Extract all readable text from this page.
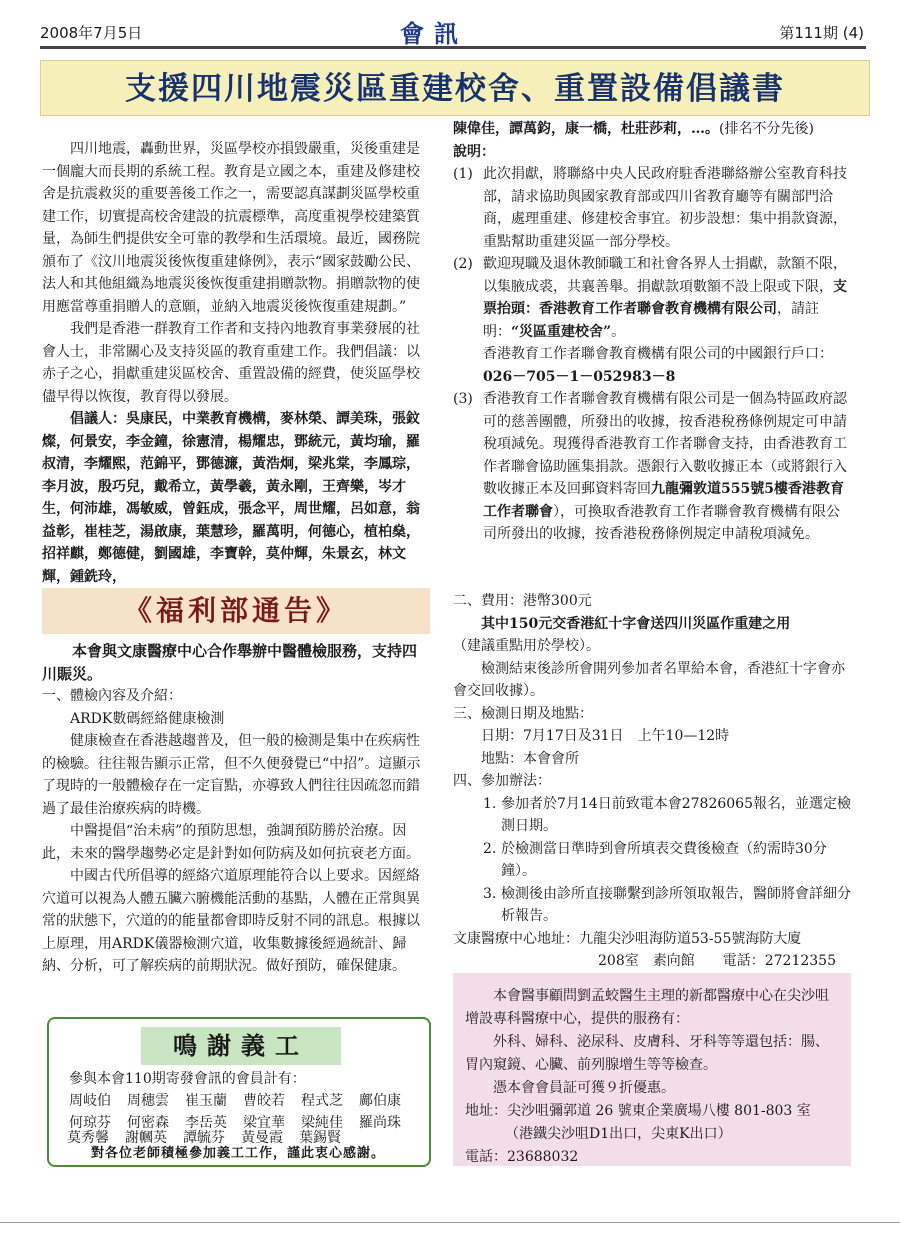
2008年7月5日	會訊	第111期 (4)
支援四川地震災區重建校舍、重置設備倡議書

四川地震，轟動世界，災區學校亦損毀嚴重，災後重建是一個龐大而長期的系統工程。教育是立國之本，重建及修建校舍是抗震救災的重要善後工作之一，需要認真謀劃災區學校重建工作，切實提高校舍建設的抗震標準，高度重視學校建築質量，為師生們提供安全可靠的教學和生活環境。最近，國務院頒布了《汶川地震災後恢復重建條例》，表示“國家鼓勵公民、法人和其他組織為地震災後恢復重建捐贈款物。捐贈款物的使用應當尊重捐贈人的意願，並納入地震災後恢復重建規劃。”

我們是香港一群教育工作者和支持內地教育事業發展的社會人士，非常關心及支持災區的教育重建工作。我們倡議：以赤子之心，捐獻重建災區校舍、重置設備的經費，使災區學校儘早得以恢復，教育得以發展。

倡議人：吳康民，中業教育機構，麥林榮、譚美珠，張鈫燦，何景安，李金鐘，徐憲清，楊耀忠，鄧統元，黃均瑜，羅叔清，李耀熙，范錦平，鄧德濂，黃浩炯，梁兆棠，李鳳琮，李月波，殷巧兒，戴希立，黃學羲，黃永剛，王齊樂，岑才生，何沛雄，馮敏威，曾鈺成，張念平，周世耀，呂如意，翁益彰，崔桂芝，湯啟康，葉慧珍，羅萬明，何德心，植柏燊，招祥麒，鄭德健，劉國雄，李寶幹，莫仲輝，朱景玄，林文輝，鍾銑玲，

陳偉佳，譚萬鈞，康一橋，杜莊莎莉，…。(排名不分先後)

說明：

(1) 此次捐獻，將聯絡中央人民政府駐香港聯絡辦公室教育科技部，請求協助與國家教育部或四川省教育廳等有關部門洽商，處理重建、修建校舍事宜。初步設想：集中捐款資源，重點幫助重建災區一部分學校。

(2) 歡迎現職及退休教師職工和社會各界人士捐獻，款額不限，以集腋成裘，共襄善舉。捐獻款項數額不設上限或下限，支票抬頭：香港教育工作者聯會教育機構有限公司，請註明：“災區重建校舍”。

香港教育工作者聯會教育機構有限公司的中國銀行戶口：026－705－1－052983－8

(3) 香港教育工作者聯會教育機構有限公司是一個為特區政府認可的慈善團體，所發出的收據，按香港稅務條例規定可申請稅項減免。現獲得香港教育工作者聯會支持，由香港教育工作者聯會協助匯集捐款。憑銀行入數收據正本（或將銀行入數收據正本及回郵資料寄回九龍彌敦道555號5樓香港教育工作者聯會），可換取香港教育工作者聯會教育機構有限公司所發出的收據，按香港稅務條例規定申請稅項減免。

《福利部通告》

本會與文康醫療中心合作舉辦中醫體檢服務，支持四川賑災。

一、體檢內容及介紹：

ARDK數碼經絡健康檢測

健康檢查在香港越趨普及，但一般的檢測是集中在疾病性的檢驗。往往報告顯示正常，但不久便發覺已“中招”。這顯示了現時的一般體檢存在一定盲點，亦導致人們往往因疏忽而錯過了最佳治療疾病的時機。

中醫提倡“治未病”的預防思想，強調預防勝於治療。因此，未來的醫學趨勢必定是針對如何防病及如何抗衰老方面。

中國古代所倡導的經絡穴道原理能符合以上要求。因經絡穴道可以視為人體五臟六腑機能活動的基點，人體在正常與異常的狀態下，穴道的的能量都會即時反射不同的訊息。根據以上原理，用ARDK儀器檢測穴道，收集數據後經過統計、歸納、分析，可了解疾病的前期狀況。做好預防，確保健康。

二、費用：港幣300元

其中150元交香港紅十字會送四川災區作重建之用

（建議重點用於學校）。

檢測結束後診所會開列參加者名單給本會，香港紅十字會亦會交回收據）。

三、檢測日期及地點：

日期：7月17日及31日　上午10—12時

地點：本會會所

四、參加辦法：

1. 參加者於7月14日前致電本會27826065報名，並選定檢測日期。

2. 於檢測當日準時到會所填表交費後檢查（約需時30分鐘）。

3. 檢測後由診所直接聯繫到診所領取報告，醫師將會詳細分析報告。

文康醫療中心地址：九龍尖沙咀海防道53-55號海防大廈

208室　素向館　　電話：27212355

鳴謝義工
參與本會110期寄發會訊的會員計有：
周岐伯	周穗雲	崔玉蘭	曹皎若	程式芝	鄺伯康
何琼芬	何密森	李岳英	梁宜華	梁純佳	羅尚珠
對各位老師積極參加義工工作，謹此衷心感謝。
莫秀馨	謝幗英	譚毓芬	黃曼霞	葉錫賢

本會醫事顧問劉孟蛟醫生主理的新都醫療中心在尖沙咀增設專科醫療中心，提供的服務有：

外科、婦科、泌尿科、皮膚科、牙科等等還包括：腸、胃內窺鏡、心臟、前列腺增生等等檢查。

憑本會會員証可獲９折優惠。

地址：尖沙咀彌郭道 26 號東企業廣場八樓 801-803 室

（港鐵尖沙咀D1出口，尖東K出口）

電話：23688032
